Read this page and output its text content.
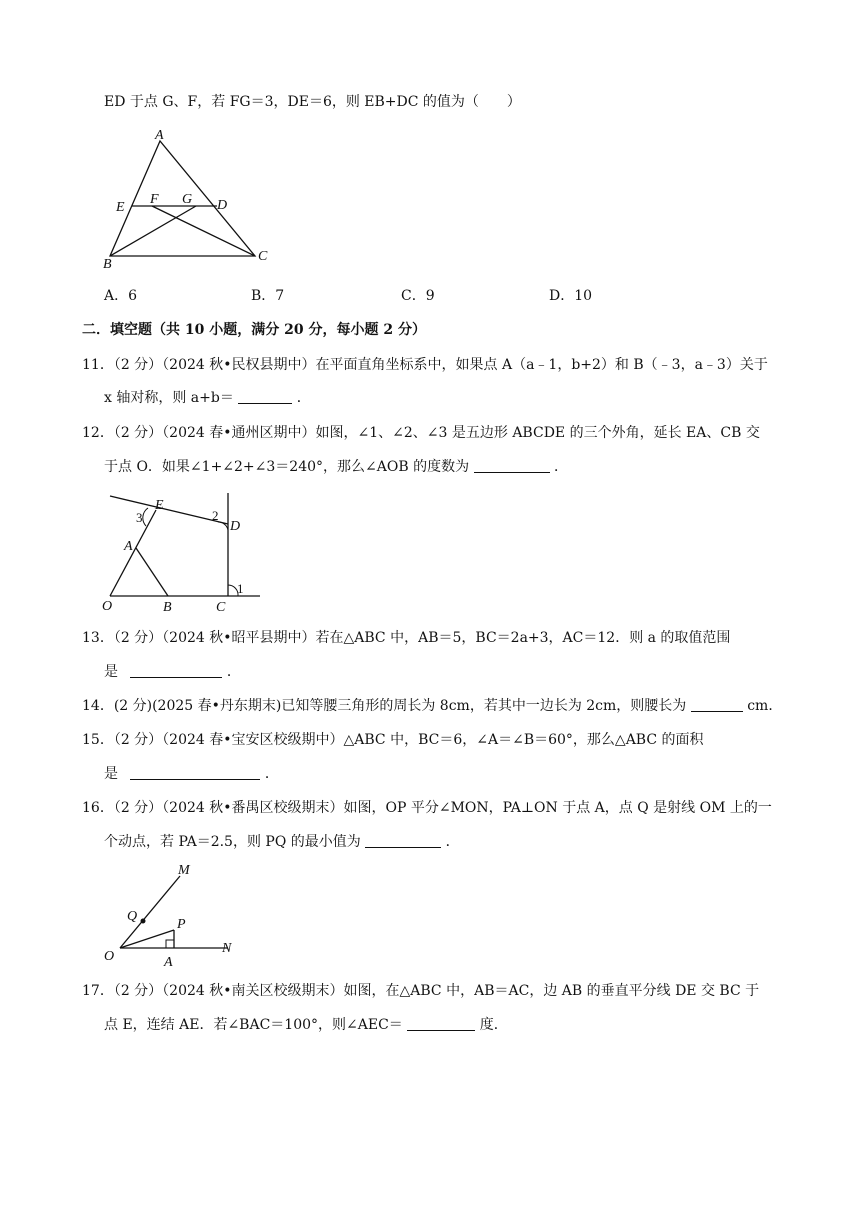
ED 于点 G、F，若 FG＝3，DE＝6，则 EB+DC 的值为（　　）
A
E
F G D
B
C
A．6	B．7	C．9	D．10
二．填空题（共 10 小题，满分 20 分，每小题 2 分）
11．（2 分）（2024 秋•民权县期中）在平面直角坐标系中，如果点 A（a﹣1，b+2）和 B（﹣3，a﹣3）关于
x 轴对称，则 a+b＝	．
12．（2 分）（2024 春•通州区期中）如图，∠1、∠2、∠3 是五边形 ABCDE 的三个外角，延长 EA、CB 交
于点 O．如果∠1+∠2+∠3＝240°，那么∠AOB 的度数为	．
E
3	2
D
A
1
O	B	C
13．（2 分）（2024 秋•昭平县期中）若在△ABC 中，AB＝5，BC＝2a+3，AC＝12．则 a 的取值范围
是	．
14．(2 分)(2025 春•丹东期末)已知等腰三角形的周长为 8cm，若其中一边长为 2cm，则腰长为	cm．
15．（2 分）（2024 春•宝安区校级期中）△ABC 中，BC＝6，∠A＝∠B＝60°，那么△ABC 的面积
是	．
16．（2 分）（2024 秋•番禺区校级期末）如图，OP 平分∠MON，PA⊥ON 于点 A，点 Q 是射线 OM 上的一
个动点，若 PA＝2.5，则 PQ 的最小值为	．
M
Q
P
O	A
N
17．（2 分）（2024 秋•南关区校级期末）如图，在△ABC 中，AB＝AC，边 AB 的垂直平分线 DE 交 BC 于
点 E，连结 AE．若∠BAC＝100°，则∠AEC＝	度．
